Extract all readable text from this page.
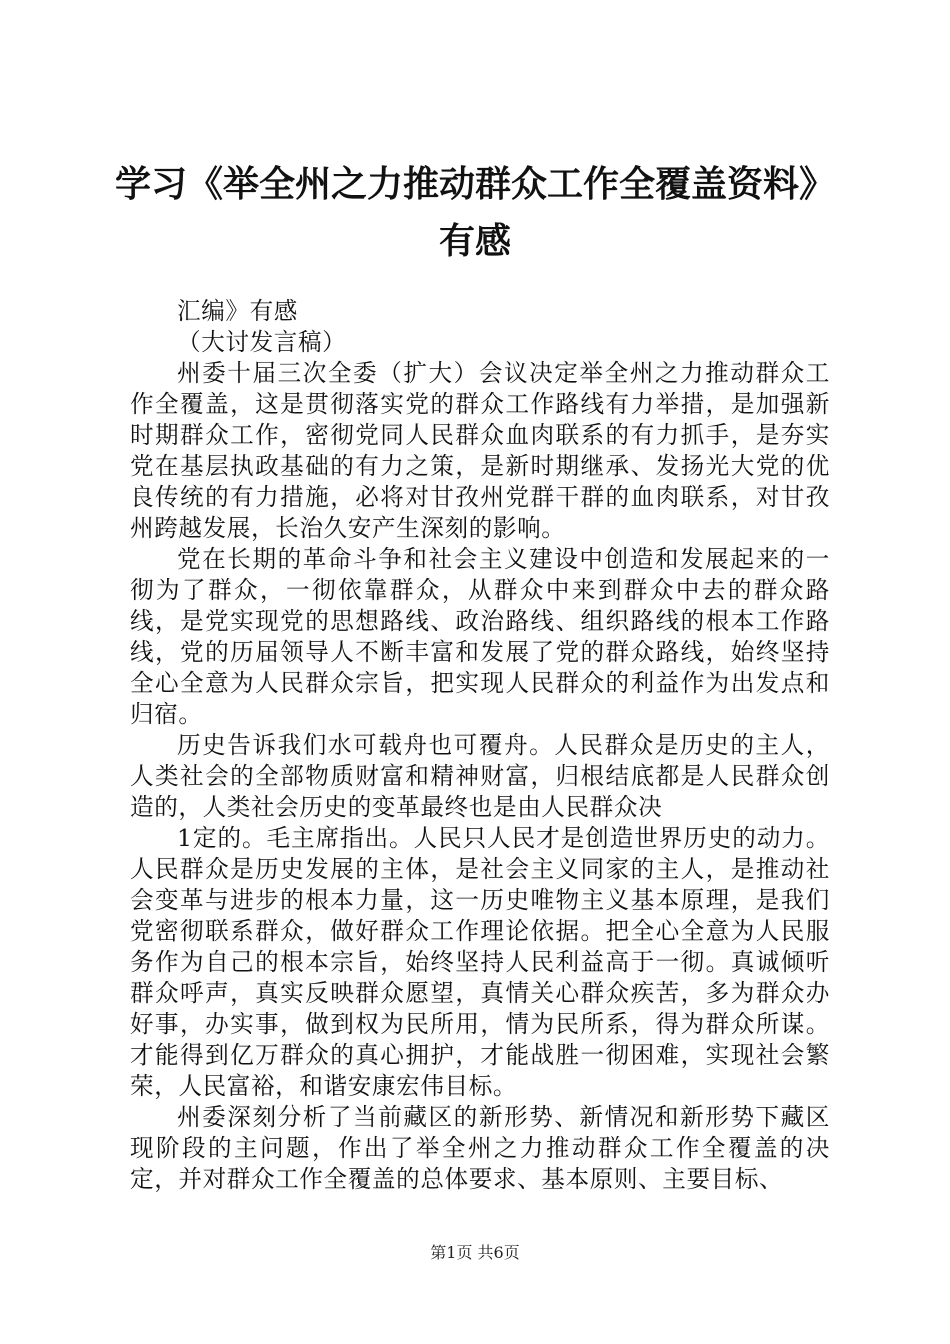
学习《举全州之力推动群众工作全覆盖资料》
有感

汇编》有感

（大讨发言稿）

州委十届三次全委（扩大）会议决定举全州之力推动群众工作全覆盖，这是贯彻落实党的群众工作路线有力举措，是加强新时期群众工作，密彻党同人民群众血肉联系的有力抓手，是夯实党在基层执政基础的有力之策，是新时期继承、发扬光大党的优良传统的有力措施，必将对甘孜州党群干群的血肉联系，对甘孜州跨越发展，长治久安产生深刻的影响。

党在长期的革命斗争和社会主义建设中创造和发展起来的一彻为了群众，一彻依靠群众，从群众中来到群众中去的群众路线，是党实现党的思想路线、政治路线、组织路线的根本工作路线，党的历届领导人不断丰富和发展了党的群众路线，始终坚持全心全意为人民群众宗旨，把实现人民群众的利益作为出发点和归宿。

历史告诉我们水可载舟也可覆舟。人民群众是历史的主人，人类社会的全部物质财富和精神财富，归根结底都是人民群众创造的，人类社会历史的变革最终也是由人民群众决

1定的。毛主席指出。人民只人民才是创造世界历史的动力。人民群众是历史发展的主体，是社会主义同家的主人，是推动社会变革与进步的根本力量，这一历史唯物主义基本原理，是我们党密彻联系群众，做好群众工作理论依据。把全心全意为人民服务作为自己的根本宗旨，始终坚持人民利益高于一彻。真诚倾听群众呼声，真实反映群众愿望，真情关心群众疾苦，多为群众办好事，办实事，做到权为民所用，情为民所系，得为群众所谋。才能得到亿万群众的真心拥护，才能战胜一彻困难，实现社会繁荣，人民富裕，和谐安康宏伟目标。

州委深刻分析了当前藏区的新形势、新情况和新形势下藏区现阶段的主问题，作出了举全州之力推动群众工作全覆盖的决定，并对群众工作全覆盖的总体要求、基本原则、主要目标、

第1页 共6页
